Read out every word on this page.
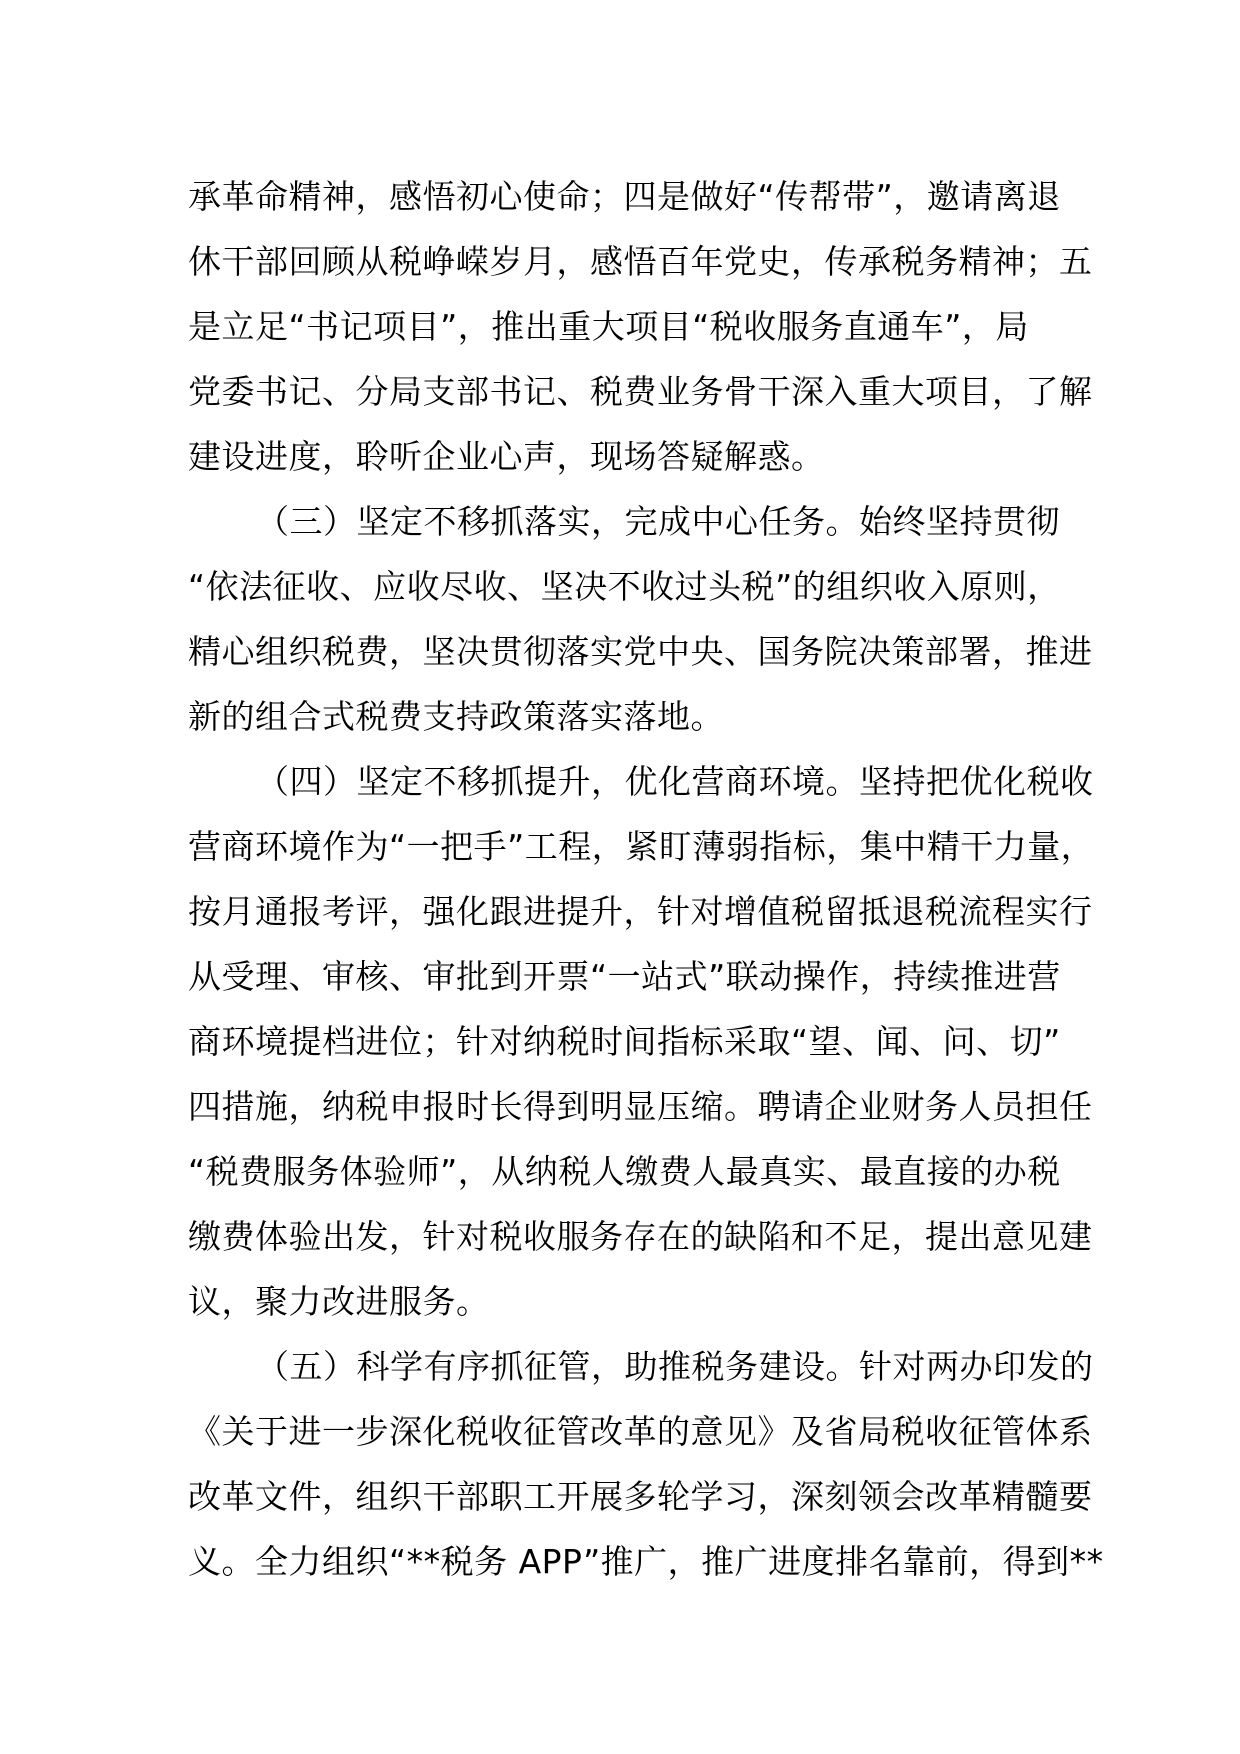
承革命精神，感悟初心使命；四是做好“传帮带”，邀请离退
休干部回顾从税峥嵘岁月，感悟百年党史，传承税务精神；五
是立足“书记项目”，推出重大项目“税收服务直通车”，局
党委书记、分局支部书记、税费业务骨干深入重大项目，了解
建设进度，聆听企业心声，现场答疑解惑。
（三）坚定不移抓落实，完成中心任务。始终坚持贯彻
“依法征收、应收尽收、坚决不收过头税”的组织收入原则，
精心组织税费，坚决贯彻落实党中央、国务院决策部署，推进
新的组合式税费支持政策落实落地。
（四）坚定不移抓提升，优化营商环境。坚持把优化税收
营商环境作为“一把手”工程，紧盯薄弱指标，集中精干力量，
按月通报考评，强化跟进提升，针对增值税留抵退税流程实行
从受理、审核、审批到开票“一站式”联动操作，持续推进营
商环境提档进位；针对纳税时间指标采取“望、闻、问、切”
四措施，纳税申报时长得到明显压缩。聘请企业财务人员担任
“税费服务体验师”，从纳税人缴费人最真实、最直接的办税
缴费体验出发，针对税收服务存在的缺陷和不足，提出意见建
议，聚力改进服务。
（五）科学有序抓征管，助推税务建设。针对两办印发的
《关于进一步深化税收征管改革的意见》及省局税收征管体系
改革文件，组织干部职工开展多轮学习，深刻领会改革精髓要
义。全力组织“**税务 APP”推广，推广进度排名靠前，得到**
